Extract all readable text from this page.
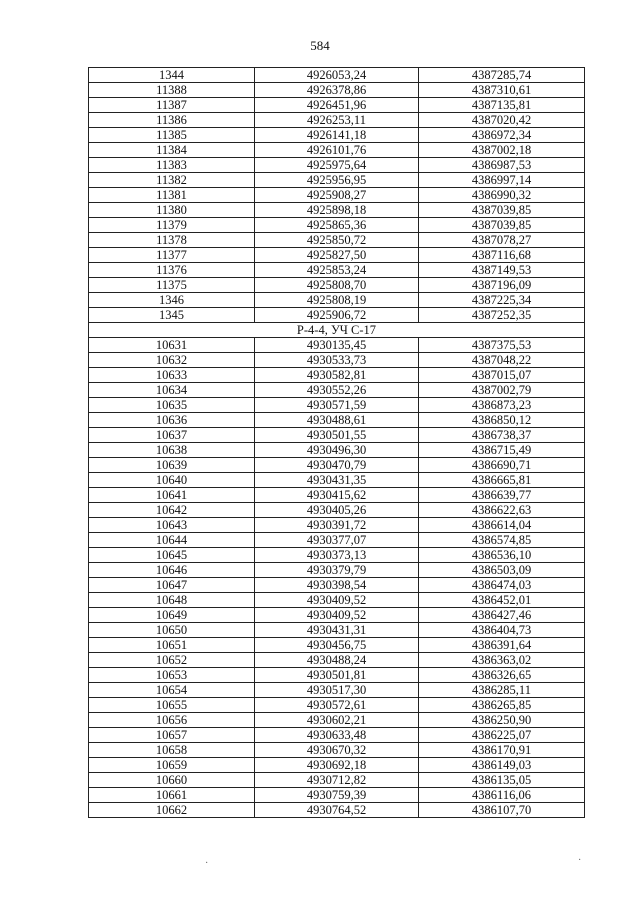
584
1344	4926053,24	4387285,74
11388	4926378,86	4387310,61
11387	4926451,96	4387135,81
11386	4926253,11	4387020,42
11385	4926141,18	4386972,34
11384	4926101,76	4387002,18
11383	4925975,64	4386987,53
11382	4925956,95	4386997,14
11381	4925908,27	4386990,32
11380	4925898,18	4387039,85
11379	4925865,36	4387039,85
11378	4925850,72	4387078,27
11377	4925827,50	4387116,68
11376	4925853,24	4387149,53
11375	4925808,70	4387196,09
1346	4925808,19	4387225,34
1345	4925906,72	4387252,35
Р-4-4, УЧ С-17		
10631	4930135,45	4387375,53
10632	4930533,73	4387048,22
10633	4930582,81	4387015,07
10634	4930552,26	4387002,79
10635	4930571,59	4386873,23
10636	4930488,61	4386850,12
10637	4930501,55	4386738,37
10638	4930496,30	4386715,49
10639	4930470,79	4386690,71
10640	4930431,35	4386665,81
10641	4930415,62	4386639,77
10642	4930405,26	4386622,63
10643	4930391,72	4386614,04
10644	4930377,07	4386574,85
10645	4930373,13	4386536,10
10646	4930379,79	4386503,09
10647	4930398,54	4386474,03
10648	4930409,52	4386452,01
10649	4930409,52	4386427,46
10650	4930431,31	4386404,73
10651	4930456,75	4386391,64
10652	4930488,24	4386363,02
10653	4930501,81	4386326,65
10654	4930517,30	4386285,11
10655	4930572,61	4386265,85
10656	4930602,21	4386250,90
10657	4930633,48	4386225,07
10658	4930670,32	4386170,91
10659	4930692,18	4386149,03
10660	4930712,82	4386135,05
10661	4930759,39	4386116,06
10662	4930764,52	4386107,70
·	·
